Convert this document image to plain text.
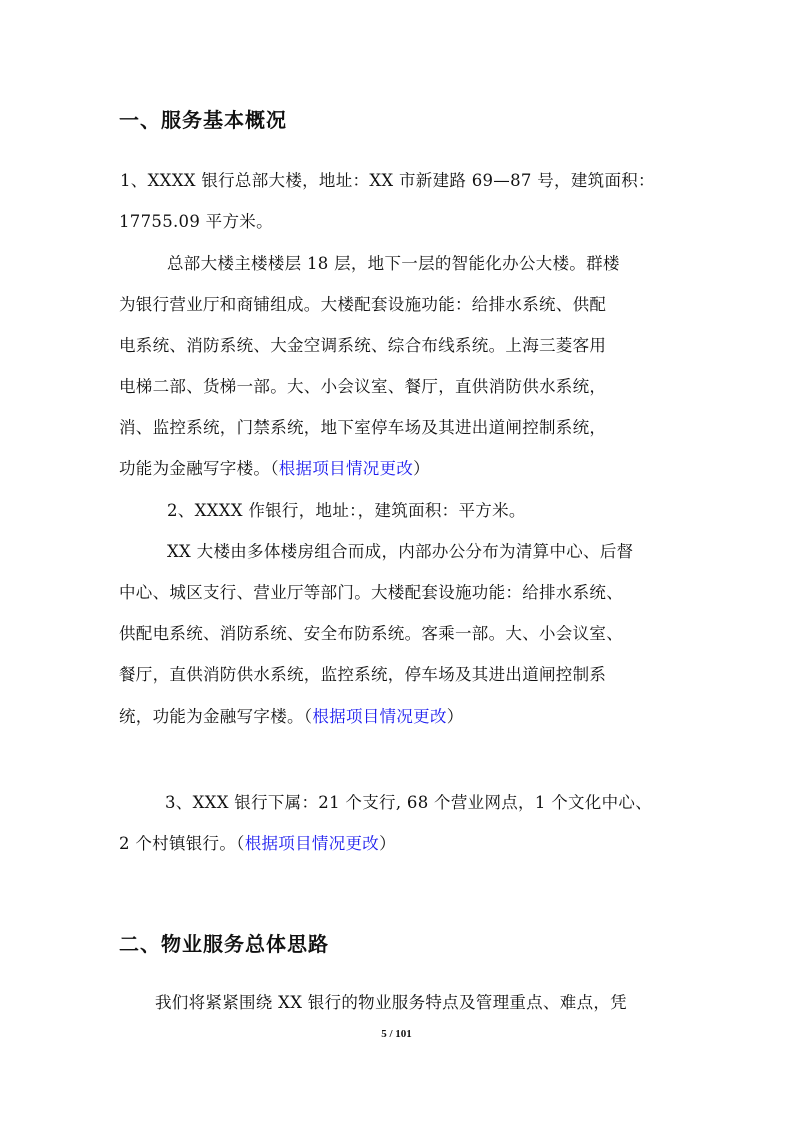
一、服务基本概况
1、XXXX 银行总部大楼，地址：XX 市新建路 69—87 号，建筑面积：
17755.09 平方米。
总部大楼主楼楼层 18 层，地下一层的智能化办公大楼。群楼
为银行营业厅和商铺组成。大楼配套设施功能：给排水系统、供配
电系统、消防系统、大金空调系统、综合布线系统。上海三菱客用
电梯二部、货梯一部。大、小会议室、餐厅，直供消防供水系统，
消、监控系统，门禁系统，地下室停车场及其进出道闸控制系统，
功能为金融写字楼。（根据项目情况更改）
2、XXXX 作银行，地址：，建筑面积：平方米。
XX 大楼由多体楼房组合而成，内部办公分布为清算中心、后督
中心、城区支行、营业厅等部门。大楼配套设施功能：给排水系统、
供配电系统、消防系统、安全布防系统。客乘一部。大、小会议室、
餐厅，直供消防供水系统，监控系统，停车场及其进出道闸控制系
统，功能为金融写字楼。（根据项目情况更改）
3、XXX 银行下属：21 个支行, 68 个营业网点，1 个文化中心、
2 个村镇银行。（根据项目情况更改）
二、物业服务总体思路
我们将紧紧围绕 XX 银行的物业服务特点及管理重点、难点，凭
5 / 101
